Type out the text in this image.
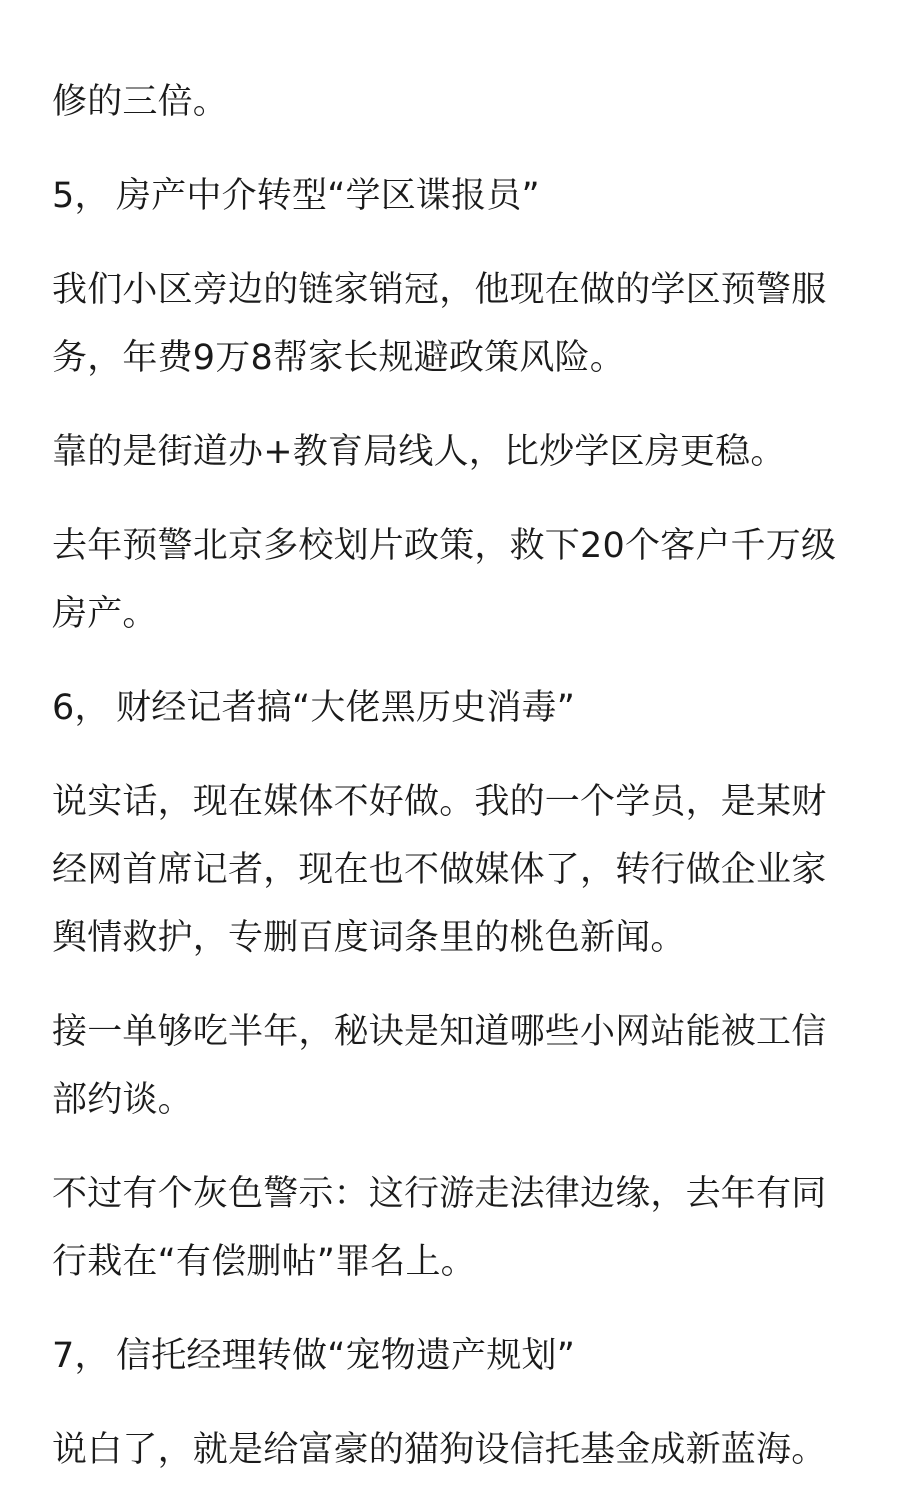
修的三倍。

5， 房产中介转型“学区谍报员”

我们小区旁边的链家销冠，他现在做的学区预警服务，年费9万8帮家长规避政策风险。

靠的是街道办+教育局线人，比炒学区房更稳。

去年预警北京多校划片政策，救下20个客户千万级房产。

6， 财经记者搞“大佬黑历史消毒”

说实话，现在媒体不好做。我的一个学员，是某财经网首席记者，现在也不做媒体了，转行做企业家舆情救护，专删百度词条里的桃色新闻。

接一单够吃半年，秘诀是知道哪些小网站能被工信部约谈。

不过有个灰色警示：这行游走法律边缘，去年有同行栽在“有偿删帖”罪名上。

7， 信托经理转做“宠物遗产规划”

说白了，就是给富豪的猫狗设信托基金成新蓝海。
